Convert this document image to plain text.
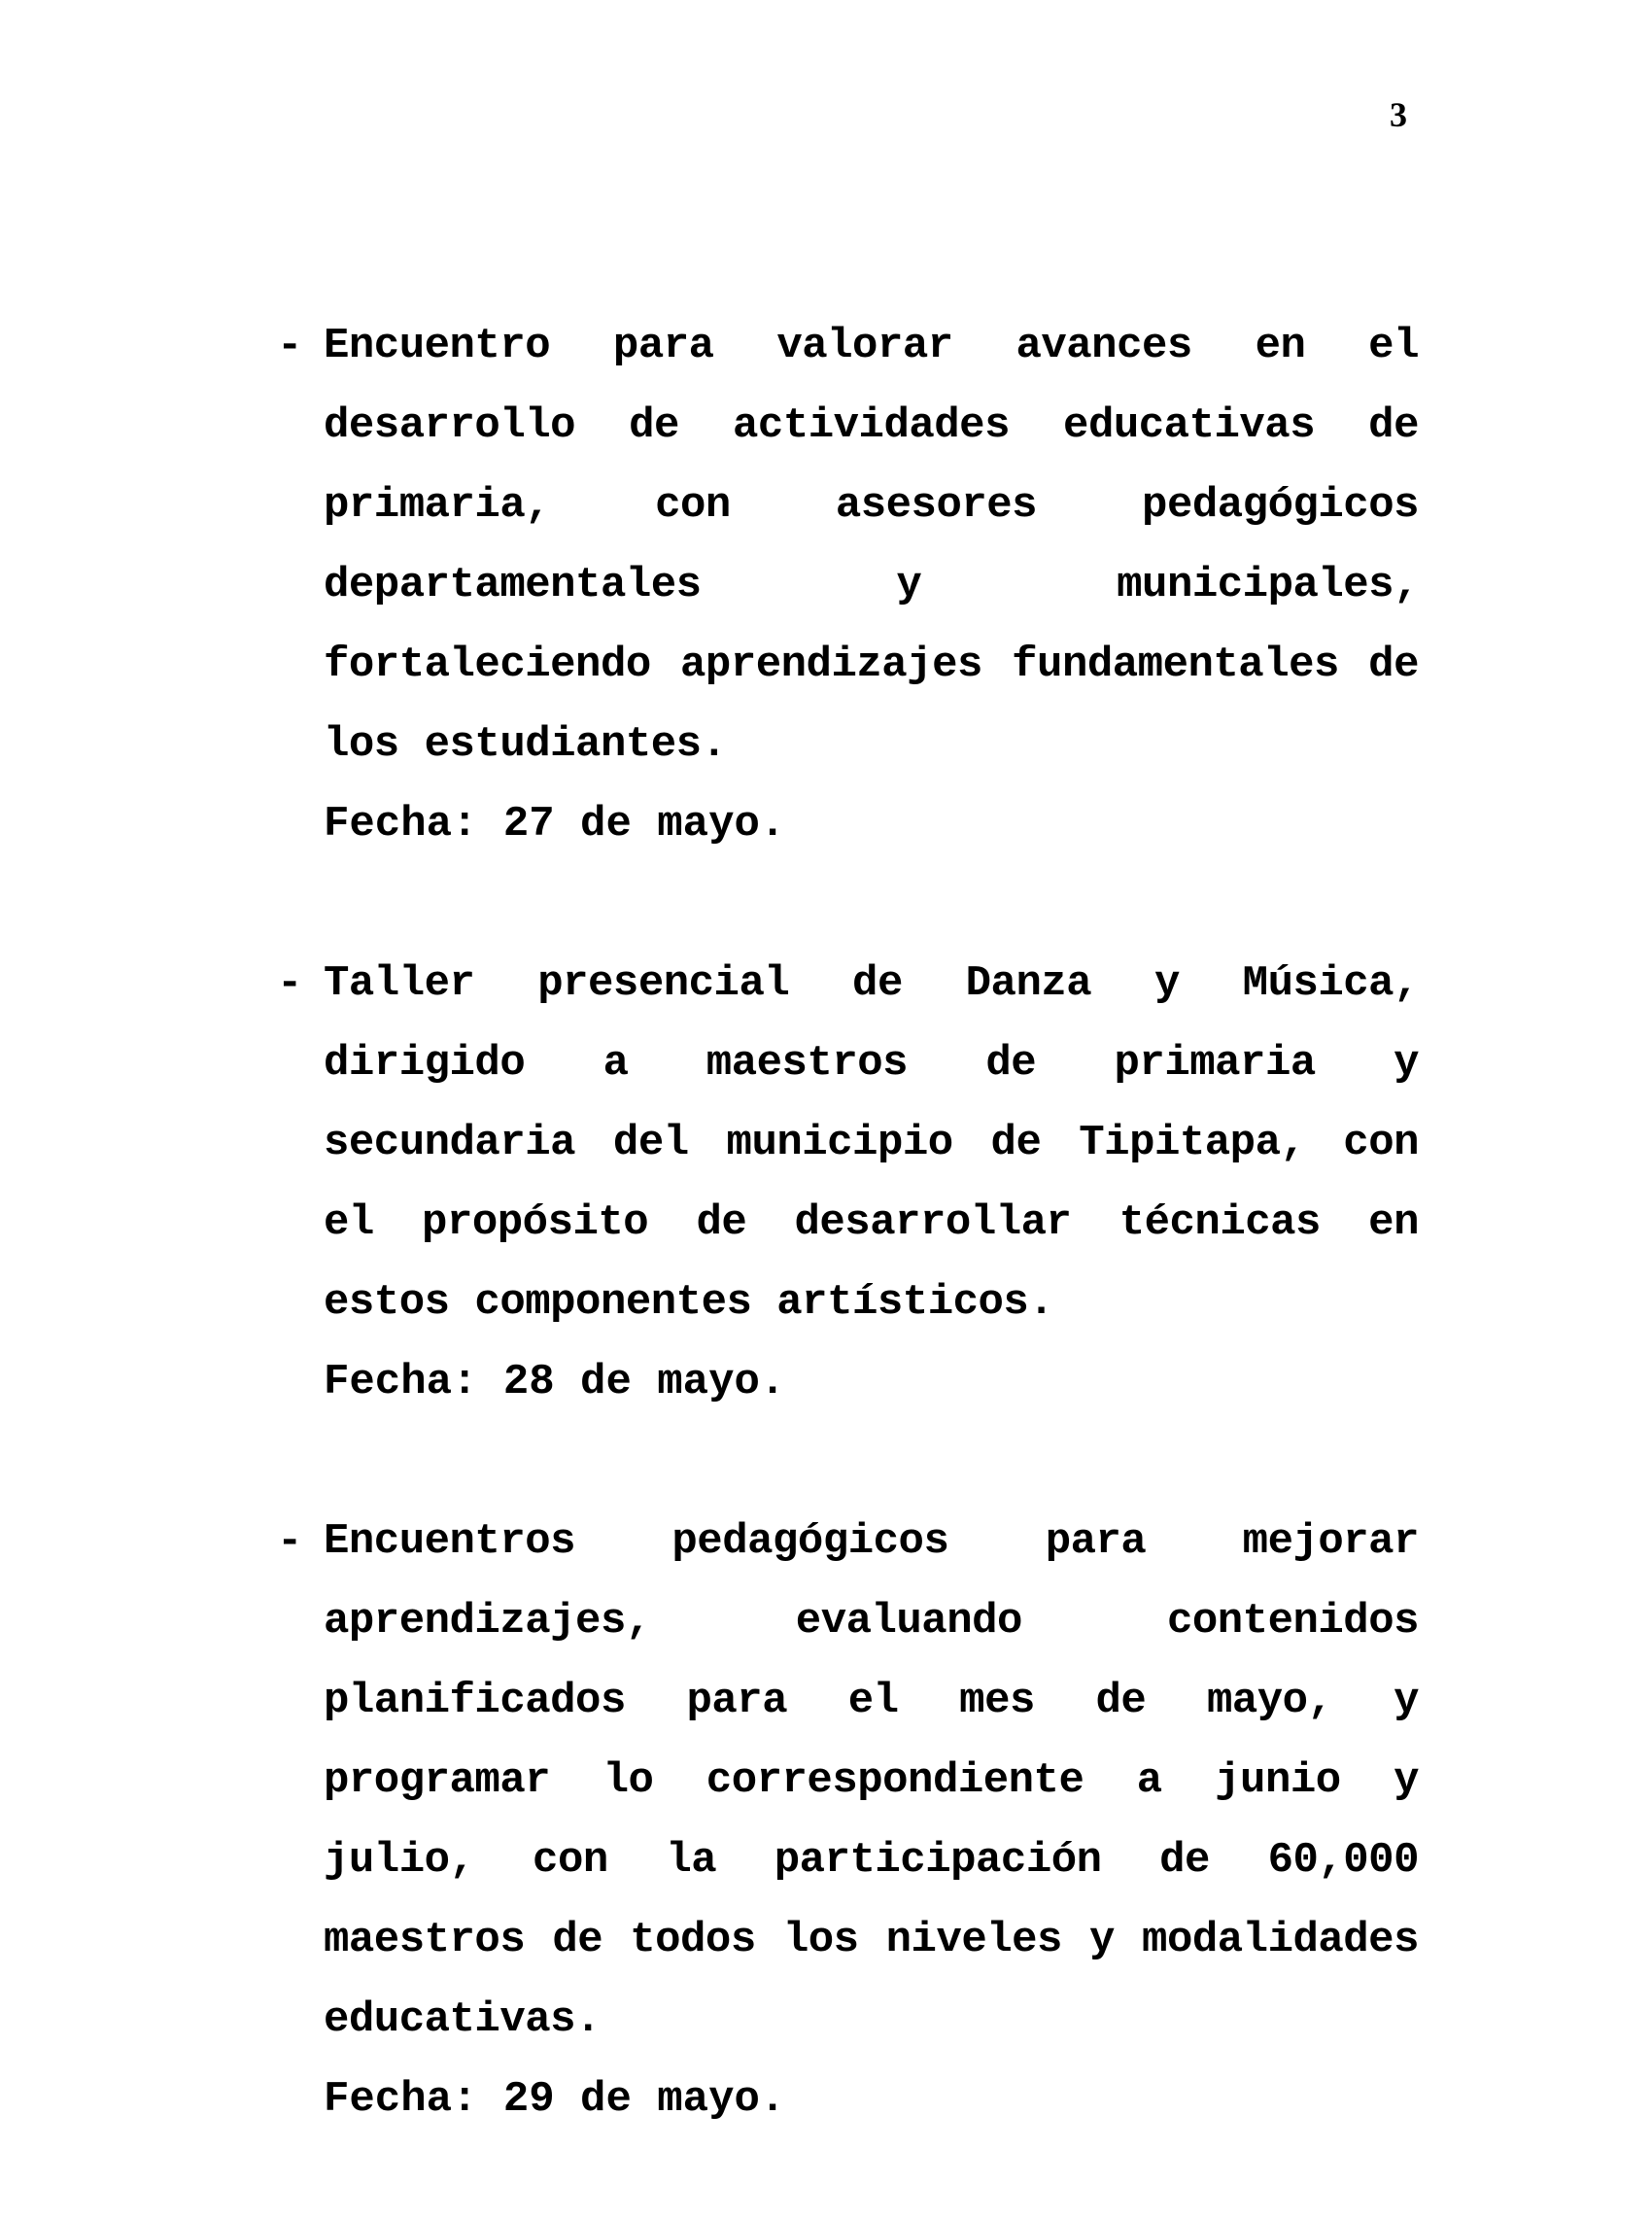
3
- Encuentro para valorar avances en el desarrollo de actividades educativas de primaria, con asesores pedagógicos departamentales y municipales, fortaleciendo aprendizajes fundamentales de los estudiantes.

Fecha: 27 de mayo.

- Taller presencial de Danza y Música, dirigido a maestros de primaria y secundaria del municipio de Tipitapa, con el propósito de desarrollar técnicas en estos componentes artísticos.

Fecha: 28 de mayo.

- Encuentros pedagógicos para mejorar aprendizajes, evaluando contenidos planificados para el mes de mayo, y programar lo correspondiente a junio y julio, con la participación de 60,000 maestros de todos los niveles y modalidades educativas.

Fecha: 29 de mayo.
